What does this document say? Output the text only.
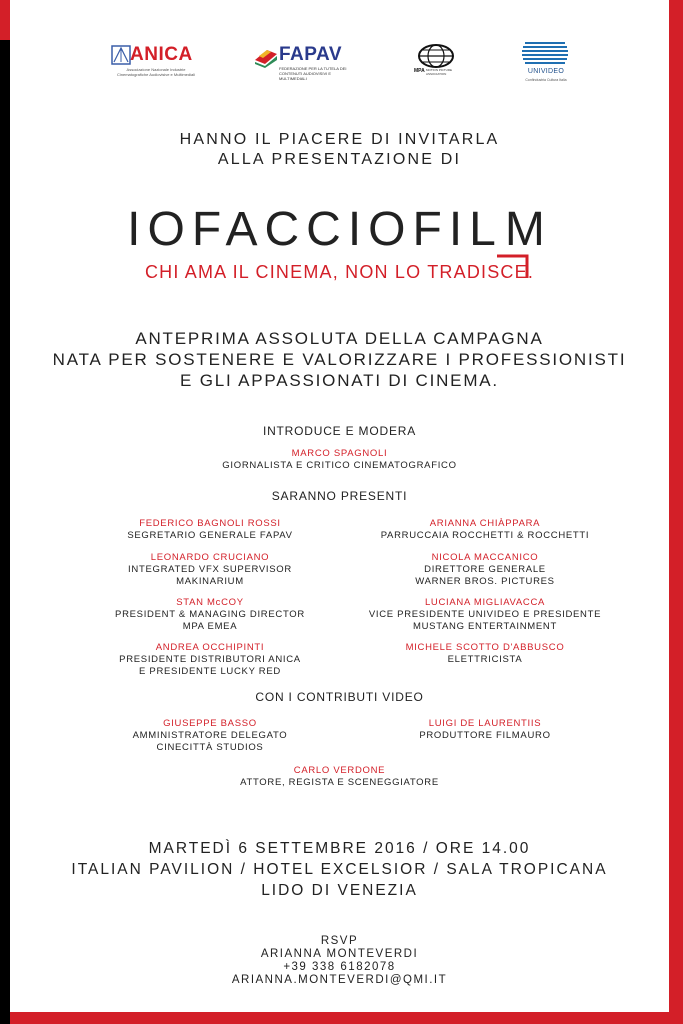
ANICA
Associazione Nazionale Industrie Cinematografiche Audiovisive e Multimediali
FAPAV
FEDERAZIONE PER LA TUTELA DEI CONTENUTI AUDIOVISIVI E MULTIMEDIALI
MPA MOTION PICTURE ASSOCIATION	UNIVIDEO
Confindustria Cultura Italia
HANNO IL PIACERE DI INVITARLA
ALLA PRESENTAZIONE DI
IOFACCIOFIL
M
CHI AMA IL CINEMA, NON LO TRADISCE.
ANTEPRIMA ASSOLUTA DELLA CAMPAGNA
NATA PER SOSTENERE E VALORIZZARE I PROFESSIONISTI
E GLI APPASSIONATI DI CINEMA.
INTRODUCE E MODERA
MARCO SPAGNOLI
GIORNALISTA E CRITICO CINEMATOGRAFICO
SARANNO PRESENTI
FEDERICO BAGNOLI ROSSI
SEGRETARIO GENERALE FAPAV
LEONARDO CRUCIANO
INTEGRATED VFX SUPERVISOR
MAKINARIUM
STAN McCOY
PRESIDENT & MANAGING DIRECTOR
MPA EMEA
ANDREA OCCHIPINTI
PRESIDENTE DISTRIBUTORI ANICA
E PRESIDENTE LUCKY RED
ARIANNA CHIÀPPARA
PARRUCCAIA ROCCHETTI & ROCCHETTI
NICOLA MACCANICO
DIRETTORE GENERALE
WARNER BROS. PICTURES
LUCIANA MIGLIAVACCA
VICE PRESIDENTE UNIVIDEO E PRESIDENTE
MUSTANG ENTERTAINMENT
MICHELE SCOTTO D'ABBUSCO
ELETTRICISTA
CON I CONTRIBUTI VIDEO
GIUSEPPE BASSO
AMMINISTRATORE DELEGATO
CINECITTÀ STUDIOS
LUIGI DE LAURENTIIS
PRODUTTORE FILMAURO
CARLO VERDONE
ATTORE, REGISTA E SCENEGGIATORE
MARTEDÌ 6 SETTEMBRE 2016 / ORE 14.00
ITALIAN PAVILION / HOTEL EXCELSIOR / SALA TROPICANA
LIDO DI VENEZIA
RSVP
ARIANNA MONTEVERDI
+39 338 6182078
ARIANNA.MONTEVERDI@QMI.IT
